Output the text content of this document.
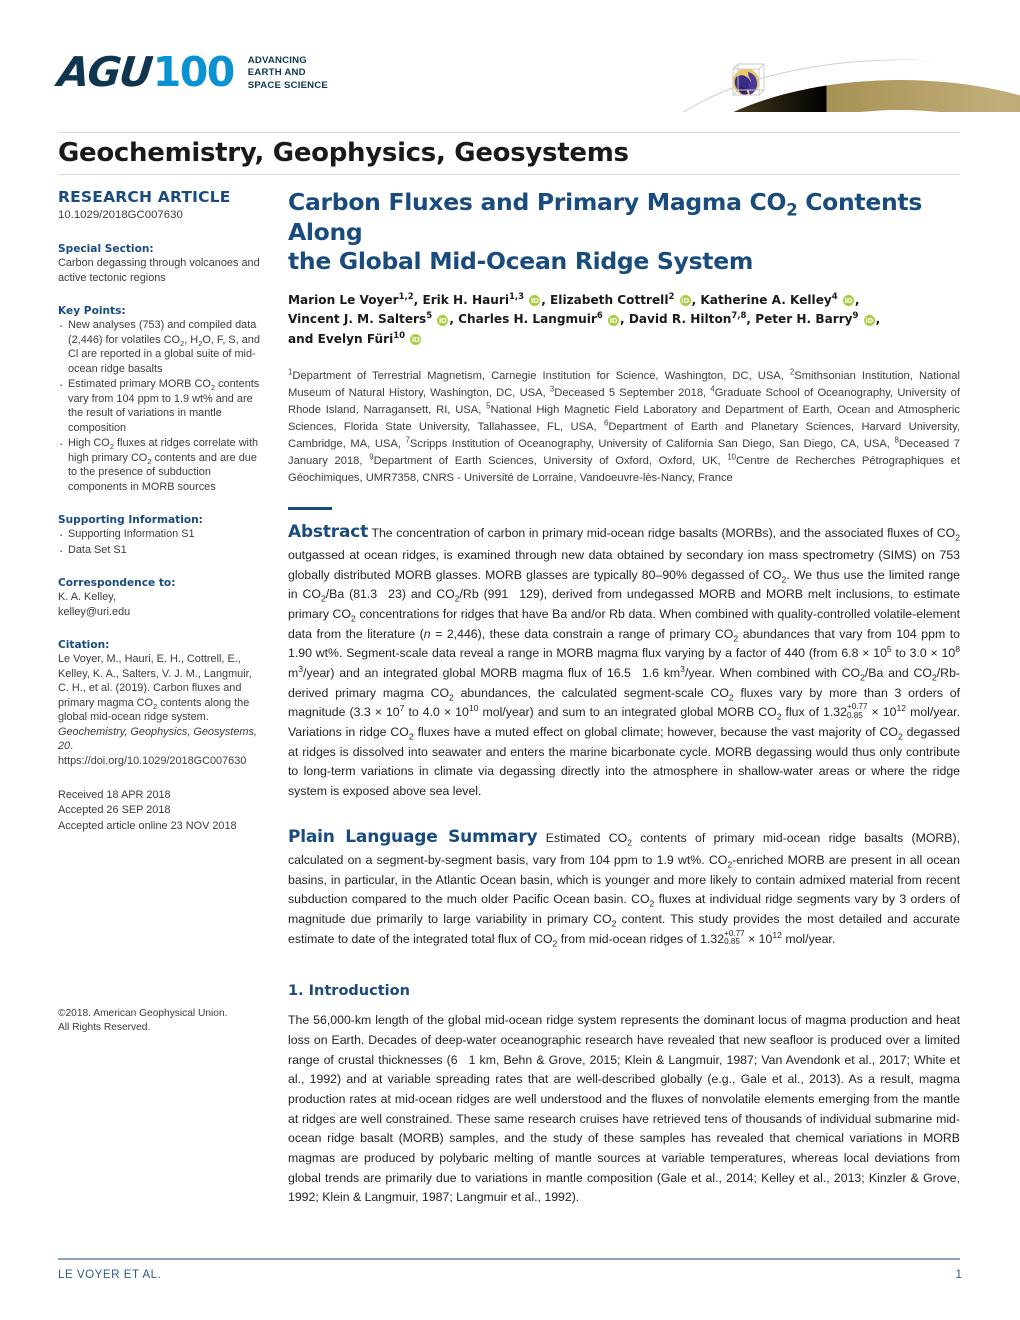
AGU 100 ADVANCING
EARTH AND
SPACE SCIENCE
Geochemistry, Geophysics, Geosystems
RESEARCH ARTICLE
10.1029/2018GC007630
Special Section:
Carbon degassing through volcanoes and active tectonic regions
Key Points:
· New analyses (753) and compiled data (2,446) for volatiles $CO_2$, $H_2O$, F, S, and Cl are reported in a global suite of mid-ocean ridge basalts
· Estimated primary MORB $CO_2$ contents vary from 104 ppm to 1.9 wt% and are the result of variations in mantle composition
· High $CO_2$ fluxes at ridges correlate with high primary $CO_2$ contents and are due to the presence of subduction components in MORB sources
Supporting Information:
· Supporting Information S1
· Data Set S1
Correspondence to:
K. A. Kelley,
kelley@uri.edu
Citation:
Le Voyer, M., Hauri, E. H., Cottrell, E., Kelley, K. A., Salters, V. J. M., Langmuir, C. H., et al. (2019). Carbon fluxes and primary magma $CO_2$ contents along the global mid-ocean ridge system. Geochemistry, Geophysics, Geosystems, 20. https://doi.org/10.1029/2018GC007630
Received 18 APR 2018
Accepted 26 SEP 2018
Accepted article online 23 NOV 2018
Carbon Fluxes and Primary Magma $CO_2$ Contents Along
the Global Mid-Ocean Ridge System
Marion Le Voyer$^{1,2}$, Erik H. Hauri$^{1,3}$ iD , Elizabeth Cottrell$^2$ iD , Katherine A. Kelley$^4$ iD , Vincent J. M. Salters$^5$ iD , Charles H. Langmuir$^6$ iD , David R. Hilton$^{7,8}$, Peter H. Barry$^9$ iD , and Evelyn Füri$^{10}$ iD
$^1$Department of Terrestrial Magnetism, Carnegie Institution for Science, Washington, DC, USA, $^2$Smithsonian Institution, National Museum of Natural History, Washington, DC, USA, $^3$Deceased 5 September 2018, $^4$Graduate School of Oceanography, University of Rhode Island, Narragansett, RI, USA, $^5$National High Magnetic Field Laboratory and Department of Earth, Ocean and Atmospheric Sciences, Florida State University, Tallahassee, FL, USA, $^6$Department of Earth and Planetary Sciences, Harvard University, Cambridge, MA, USA, $^7$Scripps Institution of Oceanography, University of California San Diego, San Diego, CA, USA, $^8$Deceased 7 January 2018, $^9$Department of Earth Sciences, University of Oxford, Oxford, UK, $^{10}$Centre de Recherches Pétrographiques et Géochimiques, UMR7358, CNRS - Université de Lorraine, Vandoeuvre-lès-Nancy, France

Abstract The concentration of carbon in primary mid-ocean ridge basalts (MORBs), and the associated fluxes of $CO_2$ outgassed at ocean ridges, is examined through new data obtained by secondary ion mass spectrometry (SIMS) on 753 globally distributed MORB glasses. MORB glasses are typically 80–90% degassed of $CO_2$. We thus use the limited range in $CO_2/Ba$ (81.3 23) and $CO_2/Rb$ (991 129), derived from undegassed MORB and MORB melt inclusions, to estimate primary $CO_2$ concentrations for ridges that have Ba and/or Rb data. When combined with quality-controlled volatile-element data from the literature (n = 2,446), these data constrain a range of primary $CO_2$ abundances that vary from 104 ppm to 1.90 wt%. Segment-scale data reveal a range in MORB magma flux varying by a factor of 440 (from $6.8 \times 10^5$ to $3.0 \times 10^8$ $m^3/year$) and an integrated global MORB magma flux of 16.5 1.6 $km^3$/year. When combined with $CO_2/Ba$ and $CO_2/Rb$-derived primary magma $CO_2$ abundances, the calculated segment-scale $CO_2$ fluxes vary by more than 3 orders of magnitude ($3.3 \times 10^7$ to $4.0 \times 10^{10}$ mol/year) and sum to an integrated global MORB $CO_2$ flux of 1.32 +0.77
$0.85 \times 10^{12}$ mol/year. Variations in ridge $CO_2$ fluxes have a muted effect on global climate; however, because the vast majority of $CO_2$ degassed at ridges is dissolved into seawater and enters the marine bicarbonate cycle. MORB degassing would thus only contribute to long-term variations in climate via degassing directly into the atmosphere in shallow-water areas or where the ridge system is exposed above sea level.

Plain Language Summary Estimated $CO_2$ contents of primary mid-ocean ridge basalts (MORB), calculated on a segment-by-segment basis, vary from 104 ppm to 1.9 wt%. $CO_2$-enriched MORB are present in all ocean basins, in particular, in the Atlantic Ocean basin, which is younger and more likely to contain admixed material from recent subduction compared to the much older Pacific Ocean basin. $CO_2$ fluxes at individual ridge segments vary by 3 orders of magnitude due primarily to large variability in primary $CO_2$ content. This study provides the most detailed and accurate estimate to date of the integrated total flux of $CO_2$ from mid-ocean ridges of 1.32 +0.77
$0.85 \times 10^{12}$ mol/year.

1. Introduction

The 56,000-km length of the global mid-ocean ridge system represents the dominant locus of magma production and heat loss on Earth. Decades of deep-water oceanographic research have revealed that new seafloor is produced over a limited range of crustal thicknesses (6 1 km, Behn & Grove, 2015; Klein & Langmuir, 1987; Van Avendonk et al., 2017; White et al., 1992) and at variable spreading rates that are well-described globally (e.g., Gale et al., 2013). As a result, magma production rates at mid-ocean ridges are well understood and the fluxes of nonvolatile elements emerging from the mantle at ridges are well constrained. These same research cruises have retrieved tens of thousands of individual submarine mid-ocean ridge basalt (MORB) samples, and the study of these samples has revealed that chemical variations in MORB magmas are produced by polybaric melting of mantle sources at variable temperatures, whereas local deviations from global trends are primarily due to variations in mantle composition (Gale et al., 2014; Kelley et al., 2013; Kinzler & Grove, 1992; Klein & Langmuir, 1987; Langmuir et al., 1992).

©2018. American Geophysical Union.
All Rights Reserved.
LE VOYER ET AL.	1
